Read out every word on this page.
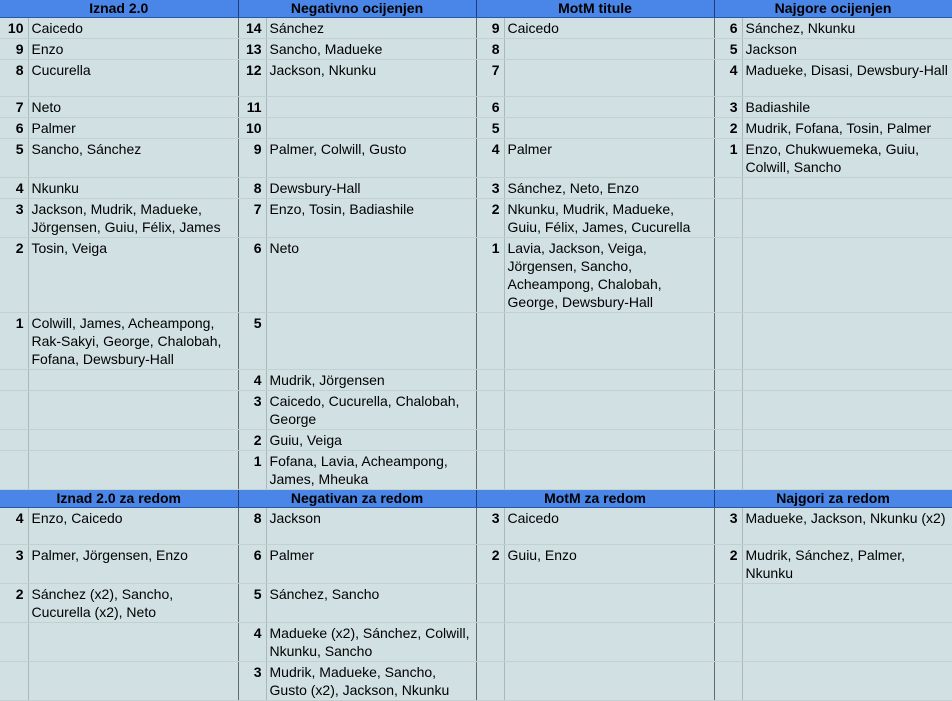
Iznad 2.0		Negativno ocijenjen		MotM titule		Najgore ocijenjen	
10	Caicedo	14	Sánchez	9	Caicedo	6	Sánchez, Nkunku
9	Enzo	13	Sancho, Madueke	8		5	Jackson
8	Cucurella	12	Jackson, Nkunku	7		4	Madueke, Disasi, Dewsbury-Hall
7	Neto	11		6		3	Badiashile
6	Palmer	10		5		2	Mudrik, Fofana, Tosin, Palmer
5	Sancho, Sánchez	9	Palmer, Colwill, Gusto	4	Palmer	1	Enzo, Chukwuemeka, Guiu, Colwill, Sancho
4	Nkunku	8	Dewsbury-Hall	3	Sánchez, Neto, Enzo		
3	Jackson, Mudrik, Madueke, Jörgensen, Guiu, Félix, James	7	Enzo, Tosin, Badiashile	2	Nkunku, Mudrik, Madueke, Guiu, Félix, James, Cucurella		
2	Tosin, Veiga	6	Neto	1	Lavia, Jackson, Veiga, Jörgensen, Sancho, Acheampong, Chalobah, George, Dewsbury-Hall		
1	Colwill, James, Acheampong, Rak-Sakyi, George, Chalobah, Fofana, Dewsbury-Hall	5					
		4	Mudrik, Jörgensen				
		3	Caicedo, Cucurella, Chalobah, George				
		2	Guiu, Veiga				
		1	Fofana, Lavia, Acheampong, James, Mheuka				
Iznad 2.0 za redom		Negativan za redom		MotM za redom		Najgori za redom	
4	Enzo, Caicedo	8	Jackson	3	Caicedo	3	Madueke, Jackson, Nkunku (x2)
3	Palmer, Jörgensen, Enzo	6	Palmer	2	Guiu, Enzo	2	Mudrik, Sánchez, Palmer, Nkunku
2	Sánchez (x2), Sancho, Cucurella (x2), Neto	5	Sánchez, Sancho				
		4	Madueke (x2), Sánchez, Colwill, Nkunku, Sancho				
		3	Mudrik, Madueke, Sancho, Gusto (x2), Jackson, Nkunku				
